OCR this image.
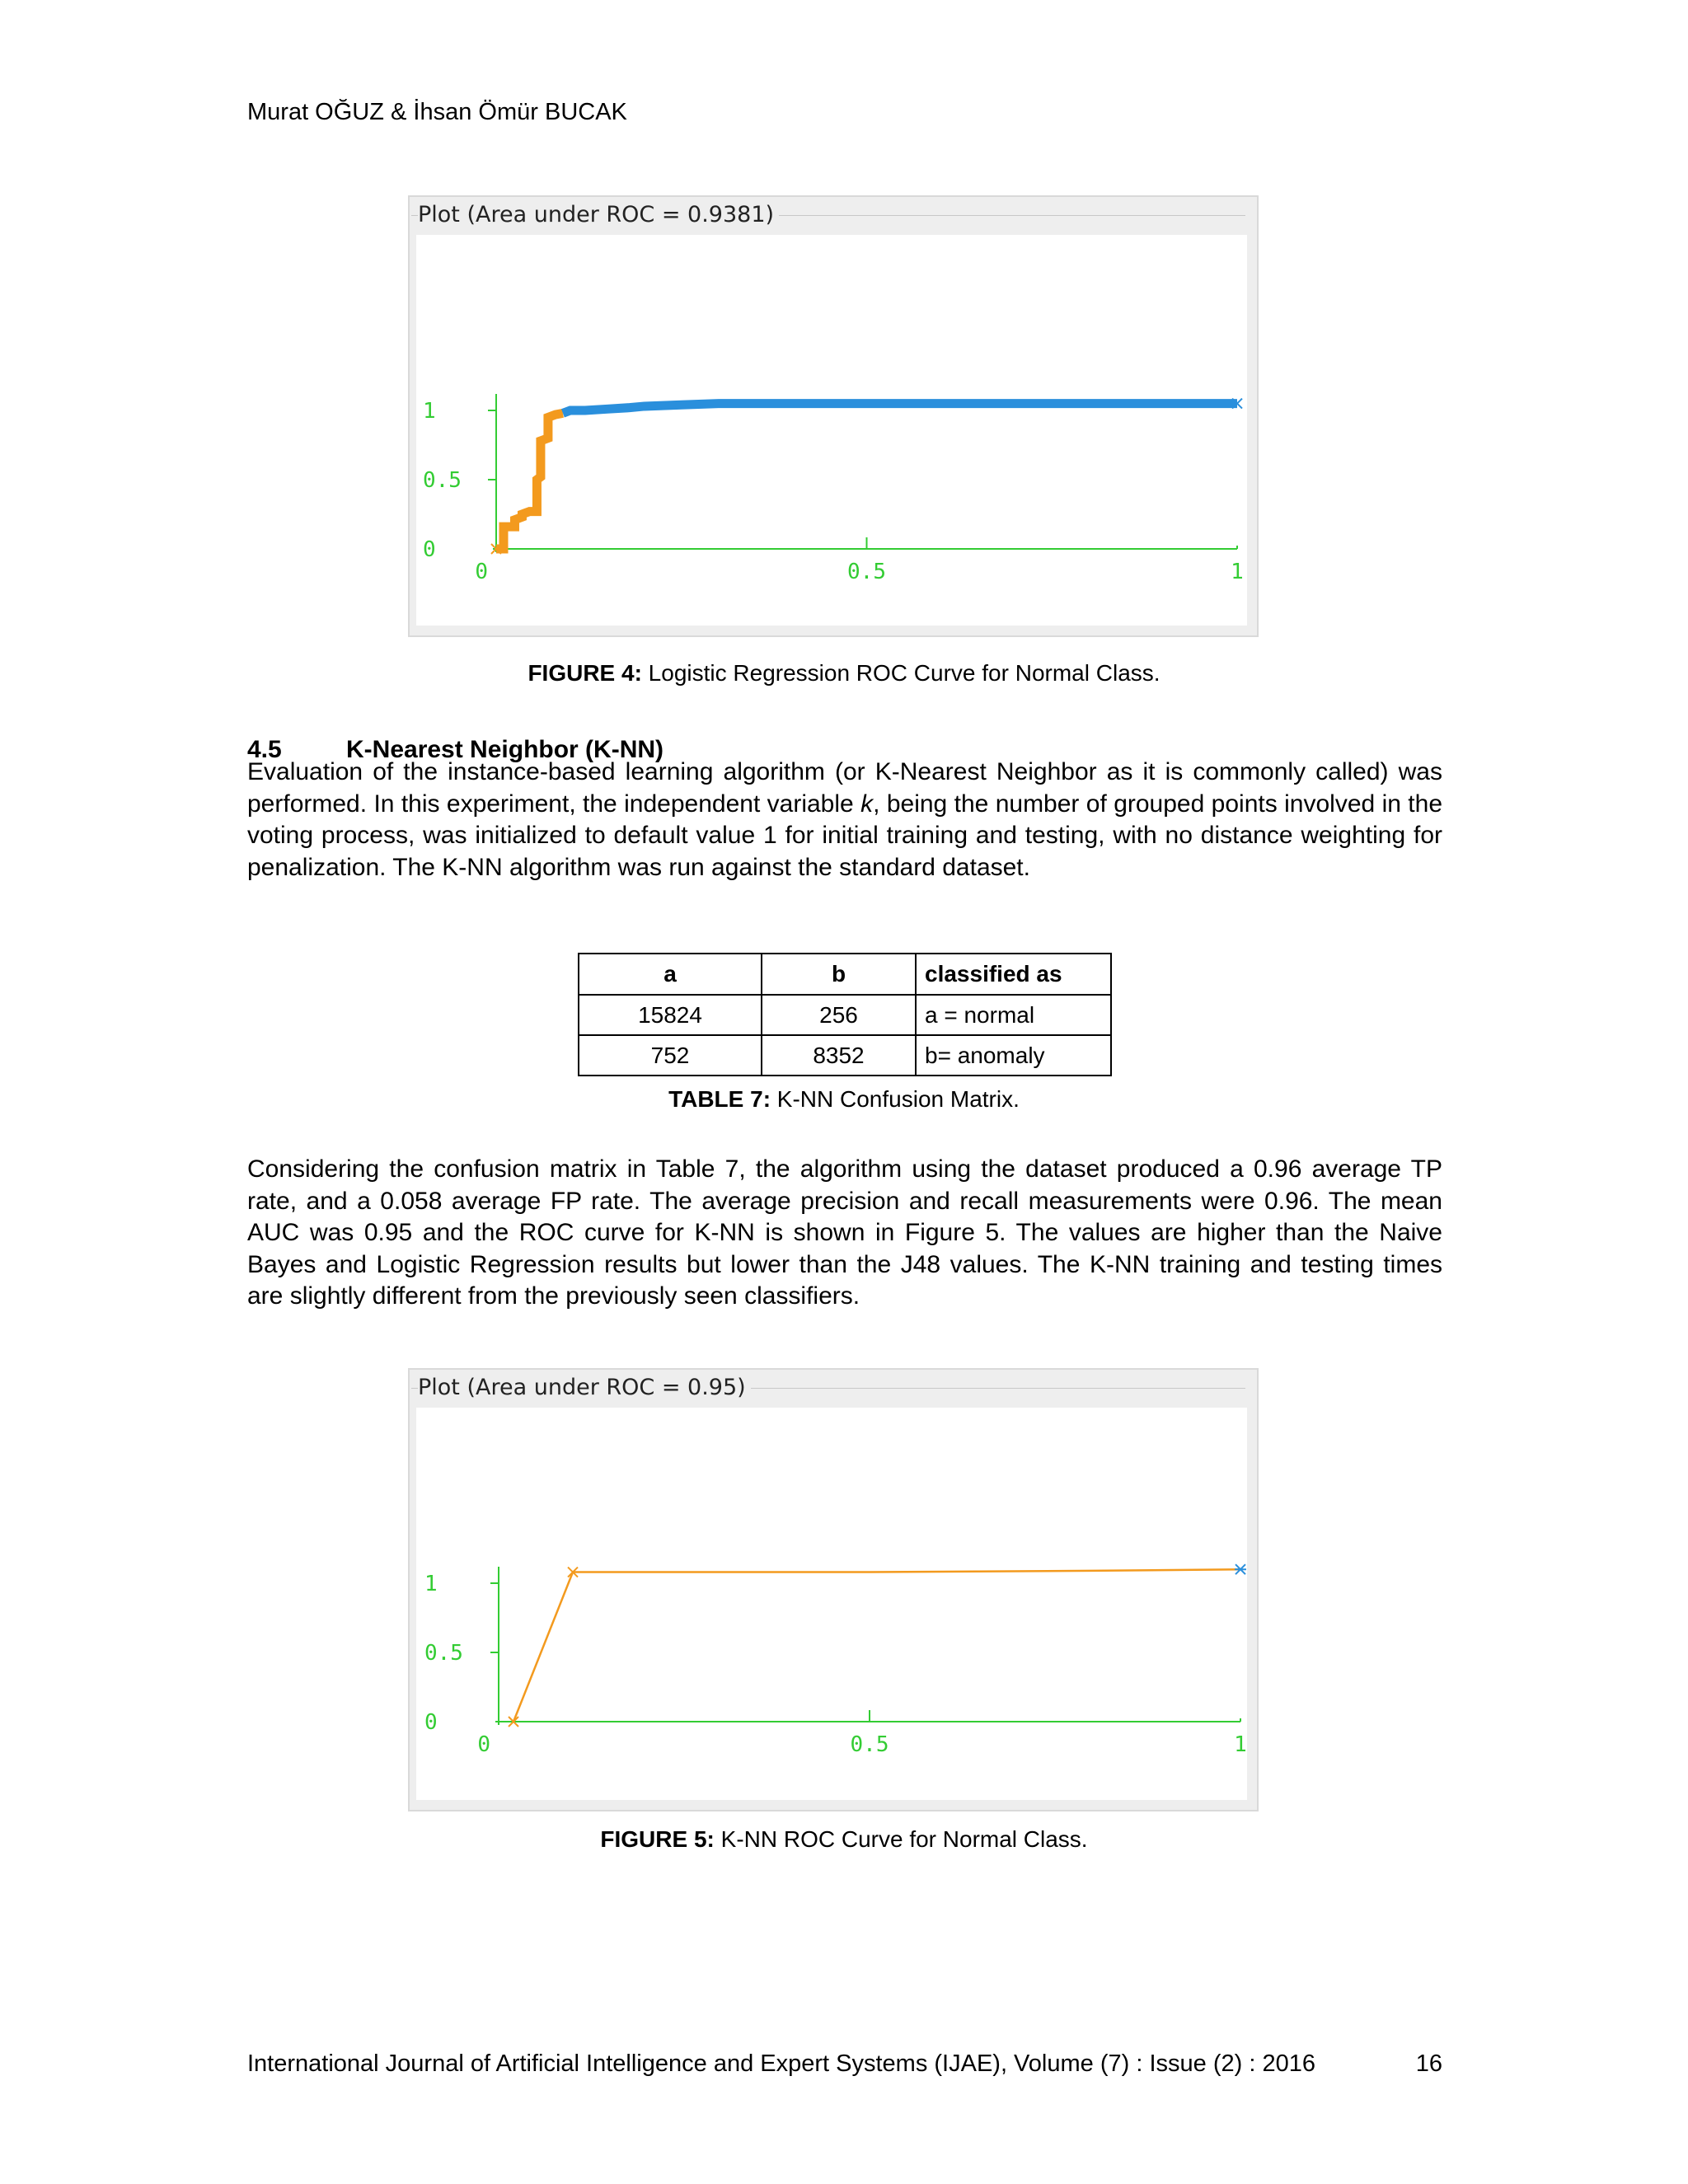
Murat OĞUZ & İhsan Ömür BUCAK
Plot (Area under ROC = 0.9381)
0	0.5	1
0
0.5
1
FIGURE 4: Logistic Regression ROC Curve for Normal Class.
4.5	K-Nearest Neighbor (K-NN)
Evaluation of the instance-based learning algorithm (or K-Nearest Neighbor as it is commonly called) was performed. In this experiment, the independent variable k, being the number of grouped points involved in the voting process, was initialized to default value 1 for initial training and testing, with no distance weighting for penalization. The K-NN algorithm was run against the standard dataset.
a	b	classified as
15824	256	a = normal
752	8352	b= anomaly
TABLE 7: K-NN Confusion Matrix.
Considering the confusion matrix in Table 7, the algorithm using the dataset produced a 0.96 average TP rate, and a 0.058 average FP rate. The average precision and recall measurements were 0.96. The mean AUC was 0.95 and the ROC curve for K-NN is shown in Figure 5. The values are higher than the Naive Bayes and Logistic Regression results but lower than the J48 values. The K-NN training and testing times are slightly different from the previously seen classifiers.
Plot (Area under ROC = 0.95)
0	0.5	1
0
0.5
1
FIGURE 5: K-NN ROC Curve for Normal Class.
International Journal of Artificial Intelligence and Expert Systems (IJAE), Volume (7) : Issue (2) : 2016	16
